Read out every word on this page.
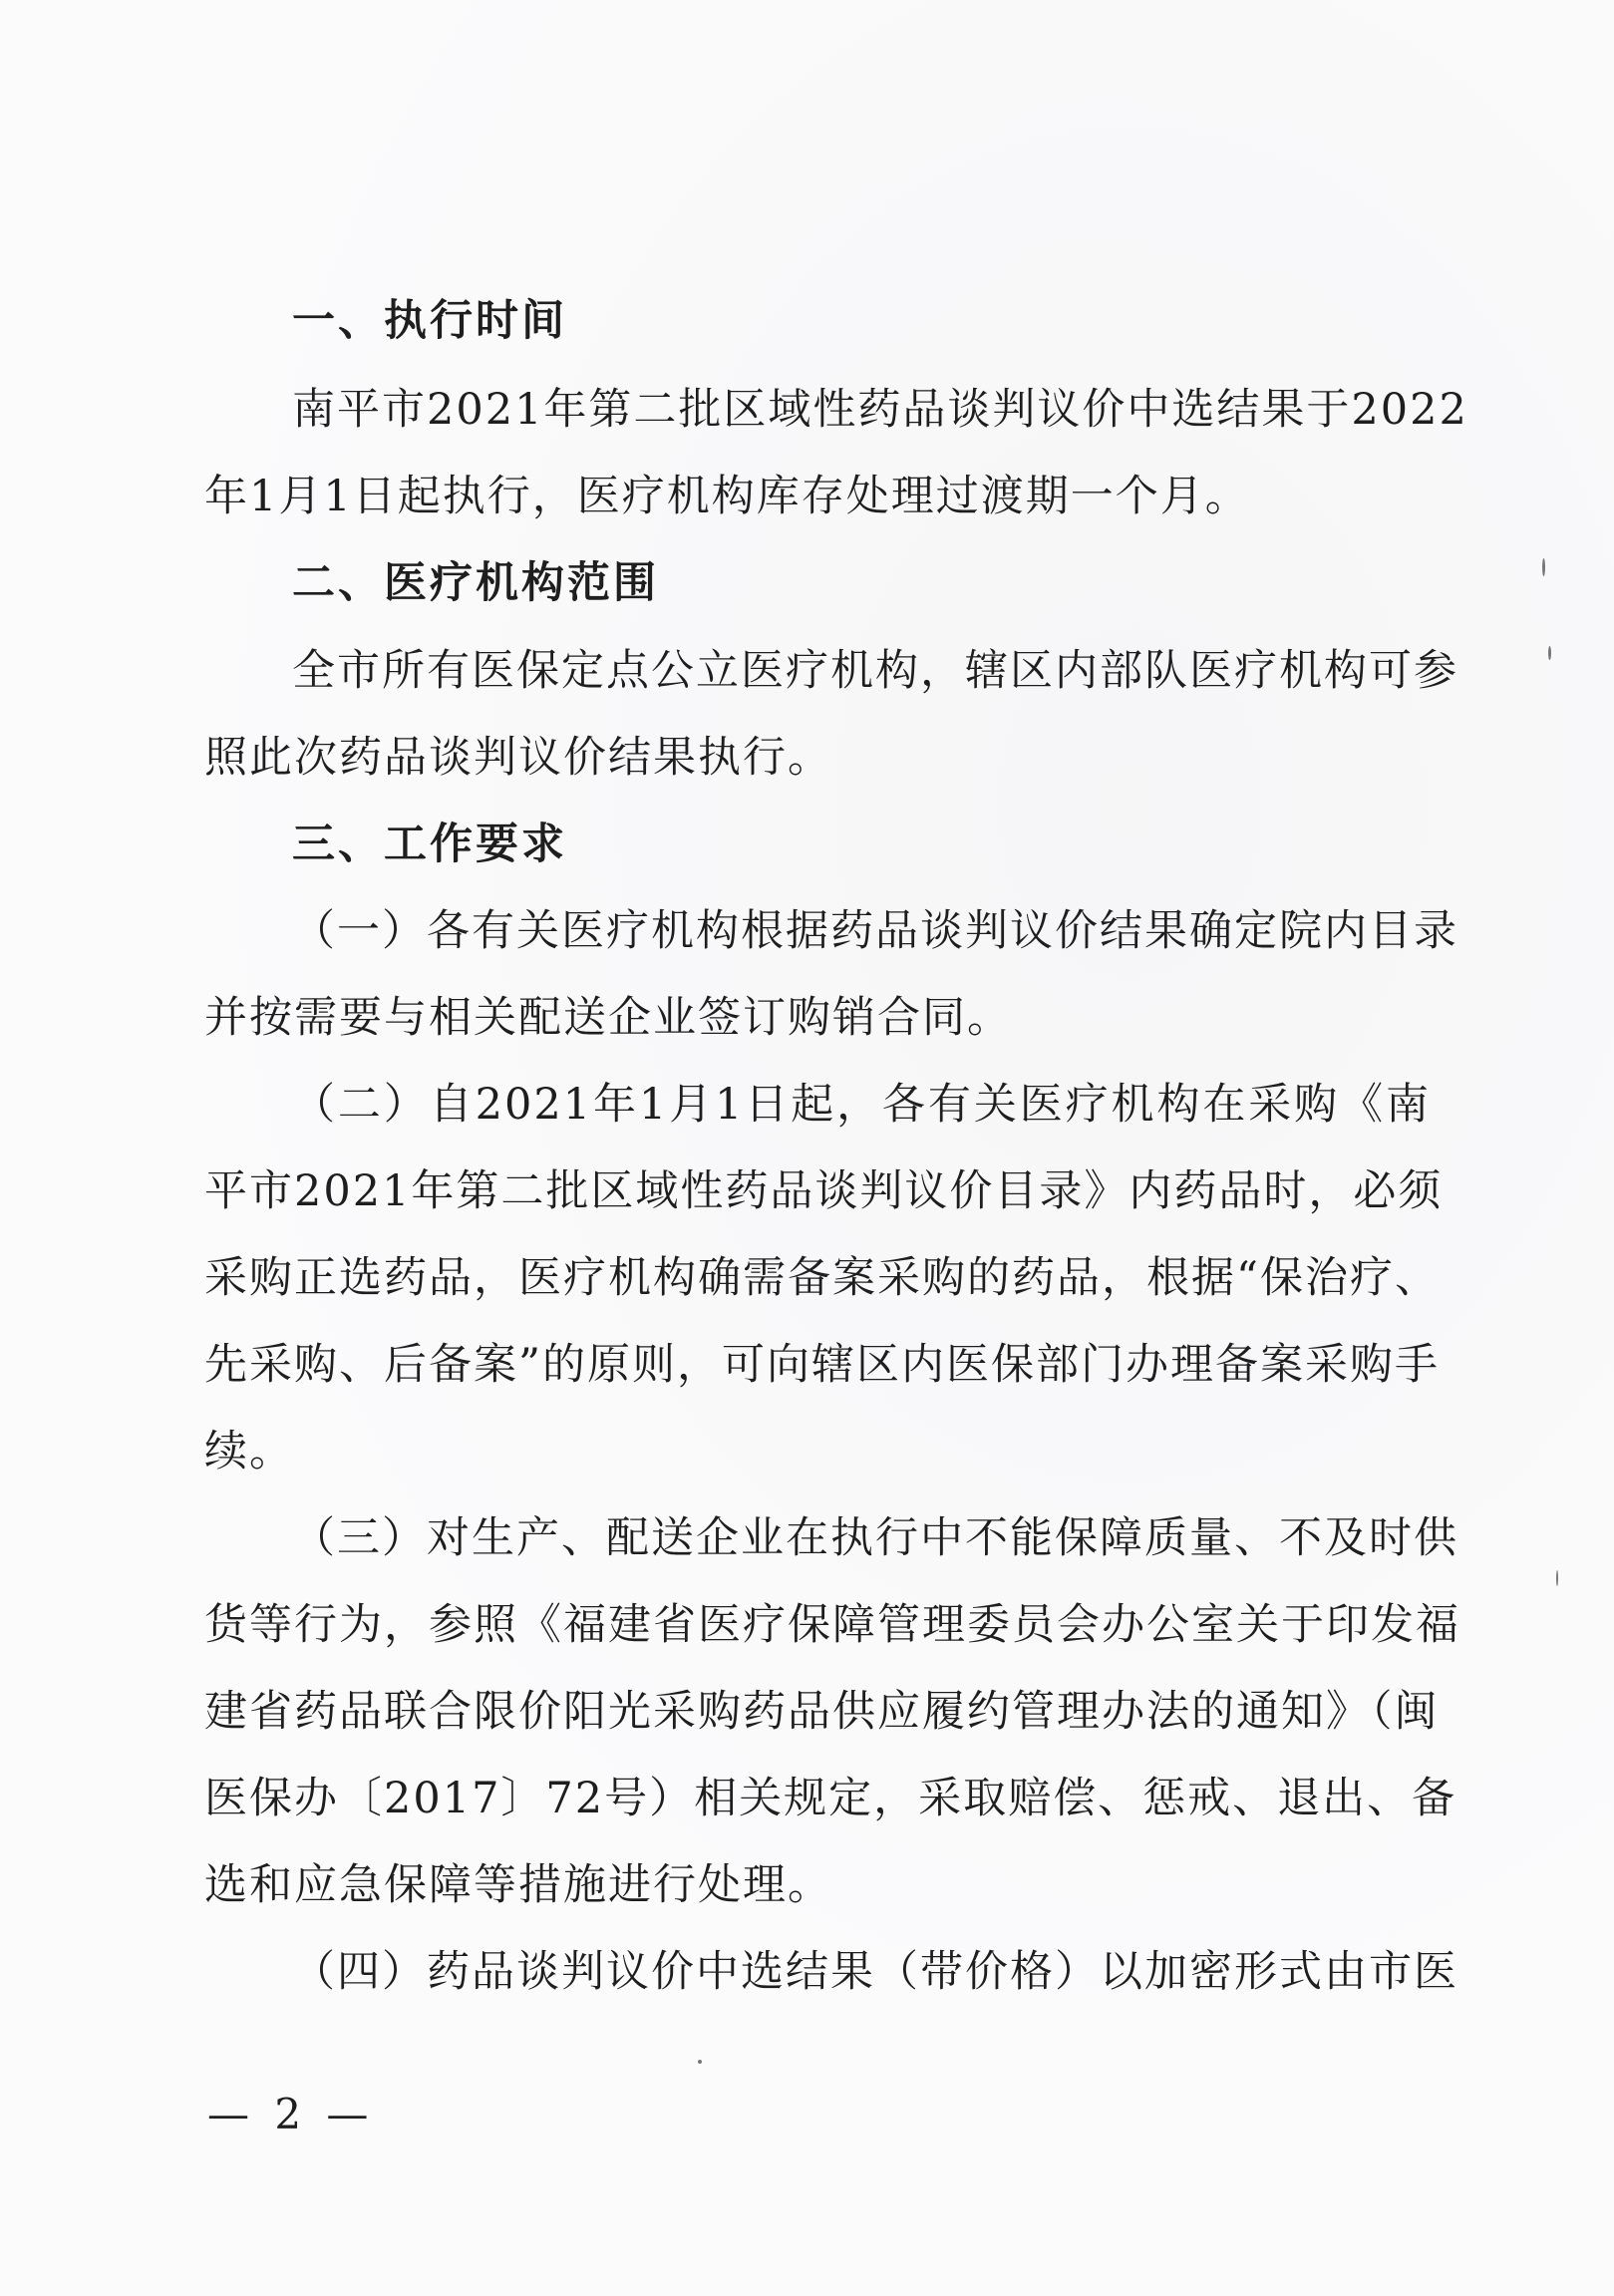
一、执行时间
南平市2021年第二批区域性药品谈判议价中选结果于2022
年1月1日起执行，医疗机构库存处理过渡期一个月。
二、医疗机构范围
全市所有医保定点公立医疗机构，辖区内部队医疗机构可参
照此次药品谈判议价结果执行。
三、工作要求
（一）各有关医疗机构根据药品谈判议价结果确定院内目录
并按需要与相关配送企业签订购销合同。
（二）自2021年1月1日起，各有关医疗机构在采购《南
平市2021年第二批区域性药品谈判议价目录》内药品时，必须
采购正选药品，医疗机构确需备案采购的药品，根据“保治疗、
先采购、后备案”的原则，可向辖区内医保部门办理备案采购手
续。
（三）对生产、配送企业在执行中不能保障质量、不及时供
货等行为，参照《福建省医疗保障管理委员会办公室关于印发福
建省药品联合限价阳光采购药品供应履约管理办法的通知》（闽
医保办〔2017〕72号）相关规定，采取赔偿、惩戒、退出、备
选和应急保障等措施进行处理。
（四）药品谈判议价中选结果（带价格）以加密形式由市医
— 2 —
